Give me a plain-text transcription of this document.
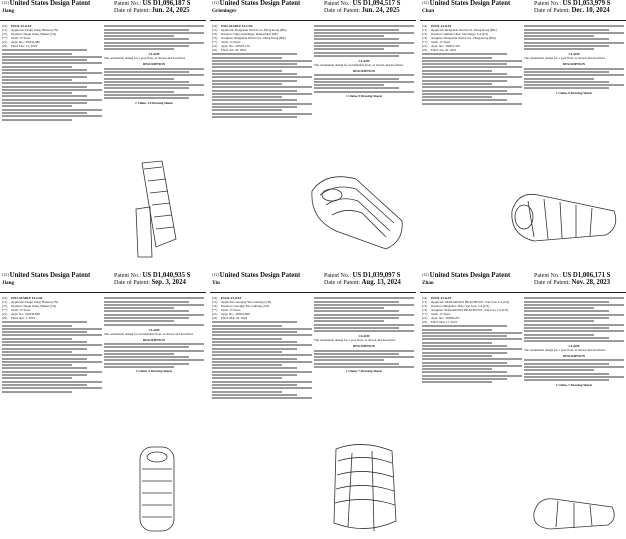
$^{(12)}$United States Design Patent
Jiang
Patent No.: US D1,096,187 S
Date of Patent: Jun. 24, 2025
(54) POOL FLOAT
(71) Applicant: Dequi Jiang, Hunan (CN)
(72) Inventor: Dequi Jiang, Hunan (CN)
(**) Term: 15 Years
(21) Appl. No.: 29/932,480
(22) Filed: Dec. 15, 2023
CLAIM
The ornamental design for a pool float, as shown and described.
DESCRIPTION
1 Claim, 14 Drawing Sheets
$^{(12)}$United States Design Patent
Grieninger
Patent No.: US D1,094,517 S
Date of Patent: Jun. 24, 2025
(54) INFLATABLE FLOAT
(71) Applicant: Ridgeside World Ltd., Hong Kong (HK)
(72) Inventor: Olga Grieninger, Duesseldorf (DE)
(73) Assignee: Ridgeside World Ltd., Hong Kong (HK)
(**) Term: 15 Years
(21) Appl. No.: 29/925,139
(22) Filed: Jan. 30, 2023
CLAIM
The ornamental design for an inflatable float, as shown and described.
DESCRIPTION
1 Claim, 8 Drawing Sheets
$^{(12)}$United States Design Patent
Chan
Patent No.: US D1,053,979 S
Date of Patent: Dec. 10, 2024
(54) POOL FLOAT
(71) Applicant: Ridgeside World Ltd., Hong Kong (HK)
(72) Inventor: Quinah Chan, San Diego, CA (US)
(73) Assignee: Ridgeside World Ltd., Hong Kong (HK)
(**) Term: 15 Years
(21) Appl. No.: 29/819,320
(22) Filed: Jan. 20, 2022
CLAIM
The ornamental design for a pool float, as shown and described.
DESCRIPTION
1 Claim, 8 Drawing Sheets
$^{(12)}$United States Design Patent
Jiang
Patent No.: US D1,040,935 S
Date of Patent: Sep. 3, 2024
(54) INFLATABLE FLOAT
(71) Applicant: Dequi Jiang, Hunan (CN)
(72) Inventor: Dequi Jiang, Hunan (CN)
(**) Term: 15 Years
(21) Appl. No.: 29/938,669
(22) Filed: Apr. 1, 2024
CLAIM
The ornamental design for an inflatable float, as shown and described.
DESCRIPTION
1 Claim, 9 Drawing Sheets
$^{(12)}$United States Design Patent
Yin
Patent No.: US D1,039,097 S
Date of Patent: Aug. 13, 2024
(54) POOL FLOAT
(71) Applicant: Guoqing Yin, Guilong (CN)
(72) Inventor: Guoqing Yin, Guilong (CN)
(**) Term: 15 Years
(21) Appl. No.: 29/910,808
(22) Filed: Mar. 18, 2024
CLAIM
The ornamental design for a pool float, as shown and described.
DESCRIPTION
1 Claim, 7 Drawing Sheets
$^{(12)}$United States Design Patent
Zhao
Patent No.: US D1,006,171 S
Date of Patent: Nov. 28, 2023
(54) POOL FLOAT
(71) Applicant: MAKAROWS HEALTH INC, San Jose, CA (US)
(72) Inventor: Mingzhao Zhao, San Jose, CA (US)
(73) Assignee: MAKAROWS HEALTH INC, San Jose, CA (US)
(**) Term: 15 Years
(21) Appl. No.: 29/882,257
(22) Filed: May 17, 2023
CLAIM
The ornamental design for a pool float, as shown and described.
DESCRIPTION
1 Claim, 7 Drawing Sheets
